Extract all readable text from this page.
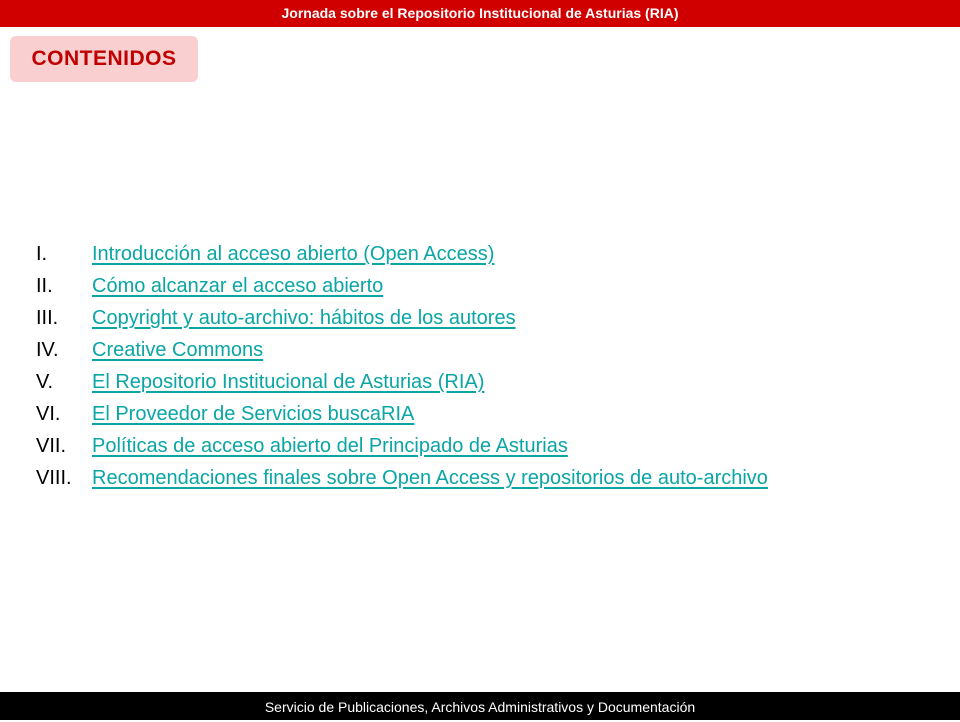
Jornada sobre el Repositorio Institucional de Asturias (RIA)
CONTENIDOS
I.	Introducción al acceso abierto (Open Access)
II.	Cómo alcanzar el acceso abierto
III.	Copyright y auto-archivo: hábitos de los autores
IV.	Creative Commons
V.	El Repositorio Institucional de Asturias (RIA)
VI.	El Proveedor de Servicios buscaRIA
VII.	Políticas de acceso abierto del Principado de Asturias
VIII.	Recomendaciones finales sobre Open Access y repositorios de auto-archivo
Servicio de Publicaciones, Archivos Administrativos y Documentación
